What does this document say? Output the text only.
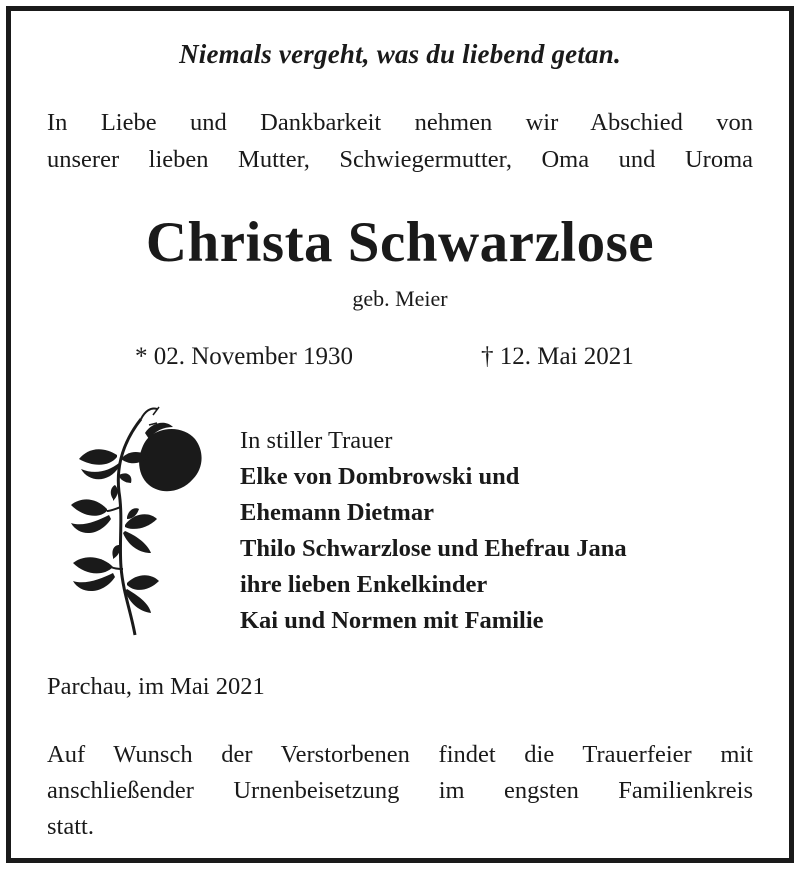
Niemals vergeht, was du liebend getan.
In Liebe und Dankbarkeit nehmen wir Abschied von
unserer lieben Mutter, Schwiegermutter, Oma und Uroma
Christa Schwarzlose
geb. Meier
* 02. November 1930	† 12. Mai 2021
In stiller Trauer
Elke von Dombrowski und
Ehemann Dietmar
Thilo Schwarzlose und Ehefrau Jana
ihre lieben Enkelkinder
Kai und Normen mit Familie
Parchau, im Mai 2021
Auf Wunsch der Verstorbenen findet die Trauerfeier mit
anschließender Urnenbeisetzung im engsten Familienkreis
statt.
